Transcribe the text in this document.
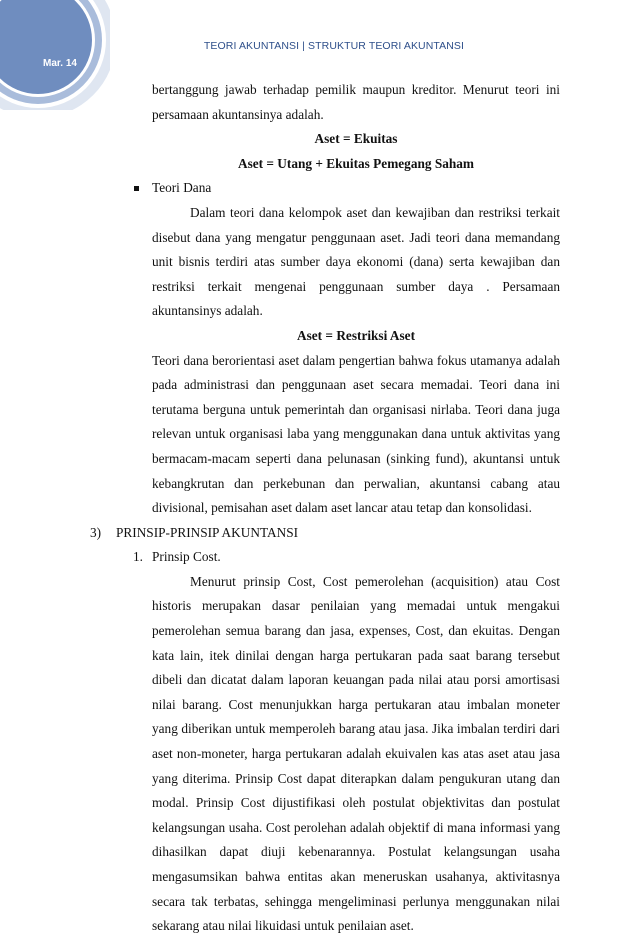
Mar. 14
TEORI AKUNTANSI | STRUKTUR TEORI AKUNTANSI

bertanggung jawab terhadap pemilik maupun kreditor. Menurut teori ini persamaan akuntansinya adalah.

Aset = Ekuitas

Aset = Utang + Ekuitas Pemegang Saham

Teori Dana

Dalam teori dana kelompok aset dan kewajiban dan restriksi terkait disebut dana yang mengatur penggunaan aset. Jadi teori dana memandang unit bisnis terdiri atas sumber daya ekonomi (dana) serta kewajiban dan restriksi terkait mengenai penggunaan sumber daya . Persamaan akuntansinys adalah.

Aset = Restriksi Aset

Teori dana berorientasi aset dalam pengertian bahwa fokus utamanya adalah pada administrasi dan penggunaan aset secara memadai. Teori dana ini terutama berguna untuk pemerintah dan organisasi nirlaba. Teori dana juga relevan untuk organisasi laba yang menggunakan dana untuk aktivitas yang bermacam-macam seperti dana pelunasan (sinking fund), akuntansi untuk kebangkrutan dan perkebunan dan perwalian, akuntansi cabang atau divisional, pemisahan aset dalam aset lancar atau tetap dan konsolidasi.

3) PRINSIP-PRINSIP AKUNTANSI
1. Prinsip Cost.

Menurut prinsip Cost, Cost pemerolehan (acquisition) atau Cost historis merupakan dasar penilaian yang memadai untuk mengakui pemerolehan semua barang dan jasa, expenses, Cost, dan ekuitas. Dengan kata lain, itek dinilai dengan harga pertukaran pada saat barang tersebut dibeli dan dicatat dalam laporan keuangan pada nilai atau porsi amortisasi nilai barang. Cost menunjukkan harga pertukaran atau imbalan moneter yang diberikan untuk memperoleh barang atau jasa. Jika imbalan terdiri dari aset non-moneter, harga pertukaran adalah ekuivalen kas atas aset atau jasa yang diterima. Prinsip Cost dapat diterapkan dalam pengukuran utang dan modal. Prinsip Cost dijustifikasi oleh postulat objektivitas dan postulat kelangsungan usaha. Cost perolehan adalah objektif di mana informasi yang dihasilkan dapat diuji kebenarannya. Postulat kelangsungan usaha mengasumsikan bahwa entitas akan meneruskan usahanya, aktivitasnya secara tak terbatas, sehingga mengeliminasi perlunya menggunakan nilai sekarang atau nilai likuidasi untuk penilaian aset.
